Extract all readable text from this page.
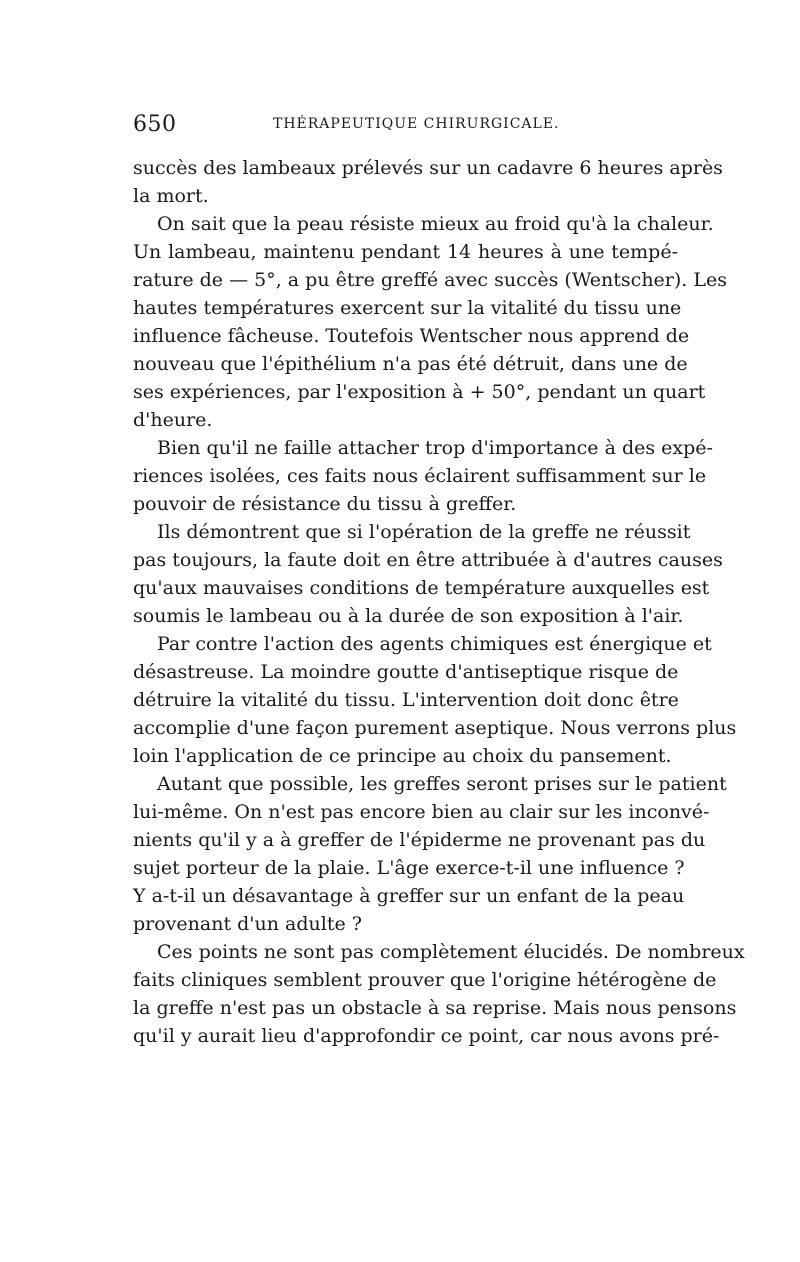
650	THÉRAPEUTIQUE CHIRURGICALE.
succès des lambeaux prélevés sur un cadavre 6 heures après
la mort.
On sait que la peau résiste mieux au froid qu'à la chaleur.
Un lambeau, maintenu pendant 14 heures à une tempé-
rature de — 5°, a pu être greffé avec succès (Wentscher). Les
hautes températures exercent sur la vitalité du tissu une
influence fâcheuse. Toutefois Wentscher nous apprend de
nouveau que l'épithélium n'a pas été détruit, dans une de
ses expériences, par l'exposition à + 50°, pendant un quart
d'heure.
Bien qu'il ne faille attacher trop d'importance à des expé-
riences isolées, ces faits nous éclairent suffisamment sur le
pouvoir de résistance du tissu à greffer.
Ils démontrent que si l'opération de la greffe ne réussit
pas toujours, la faute doit en être attribuée à d'autres causes
qu'aux mauvaises conditions de température auxquelles est
soumis le lambeau ou à la durée de son exposition à l'air.
Par contre l'action des agents chimiques est énergique et
désastreuse. La moindre goutte d'antiseptique risque de
détruire la vitalité du tissu. L'intervention doit donc être
accomplie d'une façon purement aseptique. Nous verrons plus
loin l'application de ce principe au choix du pansement.
Autant que possible, les greffes seront prises sur le patient
lui-même. On n'est pas encore bien au clair sur les inconvé-
nients qu'il y a à greffer de l'épiderme ne provenant pas du
sujet porteur de la plaie. L'âge exerce-t-il une influence ?
Y a-t-il un désavantage à greffer sur un enfant de la peau
provenant d'un adulte ?
Ces points ne sont pas complètement élucidés. De nombreux
faits cliniques semblent prouver que l'origine hétérogène de
la greffe n'est pas un obstacle à sa reprise. Mais nous pensons
qu'il y aurait lieu d'approfondir ce point, car nous avons pré-
